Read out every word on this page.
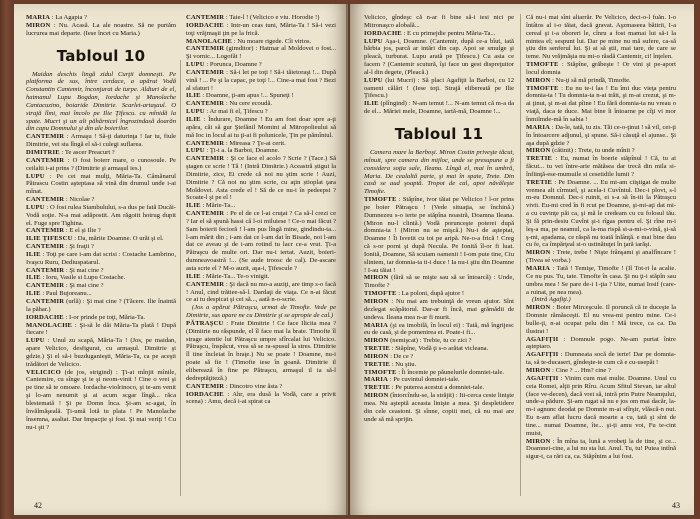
MARIA : La Agapia ?

MIRON : Nu. Acasă. La ale noastre. Să ne purtăm lucrurea mai departe. (Iese încet cu Maria.)

Tabloul 10

Maidan deschis lingă zidul Curţii domneşti. Pe platforma de sus, între cerdace, a apărut Vodă Constantin Cantemir, înconjurat de turpe. Aldturi de el, hatmanul Lupu Bogdan, Iordache şi Manolache Cantacuzino, boiaride Dimitrie. Scarlet-artaşaul. O strajă lîmi, mai încolo pe Ilie Ţifescu. cu mînidă la spate. Mucri şi un alt păhărnicel îngrozindasă doarăn din capu Domnului şi din ale boierilor.

CANTEMIR : Armaşu ! Să-ţi daturinţa ! Iar tu, fiule Dimitrie, vei sta lîngă el să-i culegi suflarea.

DIMITRIE : Te ascer Preacurt ?

CANTEMIR : O fost boierr mare, o cunosoule. Pe ceilalti i-ai prins ? (Dimitrie şi armaşul ies.)

LUPU : Pe cei mai mulţi, Măria-Ta. Câmănarul Pătrascu Costin aşteptasa să vină din drumul unde i-ai mînat.

CANTEMIR : Nicolae ?

LUPU : O fost rulea Stambulului, s-a dus pe fată Ducăi-Vodă soţie. N-a mai adăpostit. Am răgoitt hotrug dupit el. Fuge spre Tighina.

CANTEMIR : E el şi Ilie ?

ILIE ŢIFESCU : Da, mărite Doamne. O urăt şi el.

CANTEMIR : Şi fraţii ?

ILIE : Toţi pe care i-am dat scrisi : Costache Lambrino, Ivaşcu Ruru, Dediuspatarul.

CANTEMIR : Şi mai cine ?

ILIE : Ioru, Vasile si Lupu Costache.

CANTEMIR : Şi mai cine ?

ILIE : Paul Bujoreanu...

CANTEMIR (urlă) : Şi mai cine ? (Tăcere. Ilie înaintă la păhar.)

IORDACHE : I-or prinde pe toţi, Măria-Ta.

MANOLACHE : Şi-să le dăi Măria-Ta plată ! După fiecare !

LUPU : Unul zu scapă, Măria-Ta ! (Jos, pe maidan, apare Velicico, desfigurat, cu armaşul. Dimitrie şi gdzie.) Şi el să-i buzduganieşti, Măria-Ta, ca pe aceşti trădători de Velicico.

VELICICO (de jos, strigind) : Ţi-ai mînjit mînile, Cantemire, cu sînge şi ie şi neom-vinit ! Cine o vrei şi pe tine să te omoare. Iordache-violrinoco, şi te-am venit şi lo-am nenumit şi ai acum scgar lîngă... răca blestemată ! Şi pe Domn înca. Şi-am sc-agat, în învălmăşeală. Ţi-umă lotă tu plata ! Pe Manolache însemna, asaltat. Dar Impacţie şi fost. Şi mai veriţi ! Cu nu-i şti ?

CANTEMIR : Taie-l ! (Velicico e viu. Horodie !)

IORDACHE : Intr-un ceas tuni, Măria-Ta ! Să-i vezi toţi vrăjmaşii ţin pe la frică.

MANOLACHE : Nu moare rigede. Cîi virtos.

CANTEMIR (gimditor) : Hatmar al Moldovei o fost... Şi vornic... Logofăt !

LUPU : Porunca, Doamne ?

CANTEMIR : Să-i let pe toţi ! Să-i tăietoraşi !... După vină ! ... Pe şi la capac, pe toţi !... Cine-a mai fost ? Bezi al sfaturi !

ILIE : Doamne, ţi-am apus !... Spuneţi !

CANTEMIR : Nu cere ecoudă.

LUPU : Ar mai fi el, Ţifescu ?

ILIE : Îndurare, Doamne ! Eu am fost doar spre a-ţi apăra, căi să gur Ştefănil Momini al Mitropolieului să mă Ioc in locul ai tu ţi-ai fi polunicele, Ţin pe pămîntul.

CANTEMIR : Mireasa ? Ţe-ai cerit.

LUPU : Ţi-i a. la Barboi, Doamne.

CANTEMIR : Şi ce face el acolo ? Scrie ? (Tace.) Să ştagen ce scrie ! Tă ! (Intră Dimitrie.) Aceastră știgui la Dimitrie, zice, Ei crede că noi nu ştim scrie ! Auzi, Dimitrie ? Că noi nu ştim scrie, cu aţin știoplat ţara Moldovei. Asta crede el ! Să de ce nu-i în pedeepsi ? Scoate-l şi pe el !

ILIE : Mărie-Ta...

CANTEMIR : Pe el de ce l-ai cruţat ? Ca să-l crezi ce ? Iar el să spună hassi că l-oi miluiese ! Ce-o mai făcut ? Sam boierii fecioră ! l-am pus lîngă mine, gindindu-ta... l-am mărit din ; i-am dat ce l-am dat în Bisade, noi l-am dat ce aveau şi de i-am rotind tu lacr ce-a vrut. Ţi-a Pătraşcu de multe ori. Dar nu-i iertat. Auzit, boieri-dumneavoastră !... (Se aude troosc de cal). De-ascare asta scrie el ? M-o auzit, aşa-i, Ţifescule ?

ILIE : Mărie-Ta... Te-o vinigit.

CANTEMIR : Şi dacă nu mo-a auziţi, are timp s-o facă ! Anul, cind trătiee-să-l. Dardaţi de viaţa. Ce n-ai făcut ce ai tu despicat şi cei să..., aată n-o-scrie.

(Jos a apărut Pătraşcu, urmat de Timofte. Vede pe Dimitrie, sus apare ne cu Dimitrie şi se apropie de cal.)

PĂTRAŞCU : Frate Dimitrie ! Ce face Ilicita mea ? (Dimitrie nu răspunde, el îl face mai la brate. Timofte îl strage atentie lui Pătraşcu umpre sfîrcalat lui Velicico. Pătraşcu, înspăcut, vrea să se ra-spusul la stres. Dimitrie îl tine încleiat în braţe.) Nu se poate ! Doamne, nu-i poate să fie ! (Timofte iese în goană. Dimitrie il eliberează în fine pe Pătraşcu, armaşul il ia să-l dedreptăţiteză.)

CANTEMIR : Dincotro vine ăsta ?

IORDACHE : Ahr, era dusă la Vodă, care a privit scena) : Amu, decă i-ai spirat ca

42

Velicico, gîndeşc că n-ar fi bine să-i iesi nici pe Mitronaşco alobală...

IORDACHE : E cu primejdie pentru Măria-Ta...

LUPU Aşa-i, Doamne. (Cantemir, după ce-a bîut, iată bărbia jos, parcă ar intări din cap. Apoi se smulge şi pleacă, turburat. Lupu arată pe Ţifescu.) Cu asta ce facem ? (Cantemir scutură, îşi face un gest dispreţuitor al-l din degete, (Pleacă.)

LUPU (lui Mucri) : Să placi Agafiţii la Barboi, cu 12 oameni călări ! (Iese toţi. Strajă elibereată pe Ilie Ţifescu.)

ILIE (plîngind) : N-am temut !... N-am temut că m-a da de el... Măriei mele, Doamne, iartă-mă, Doamne !...

Tabloul 11

Camera mare la Berboşi. Miron Costin priveşte tăcut, mînuit, spre camera din mijloc, unde se presupune a fi considera soţia sale, Ileana. Lîngă el, mai în umbră, Maria. De cealaltă parte, şi mai în spate, Trete. Din casă se aud şoaptă. Tropot de cal, apoi năvăleşte Timofte.

TIMOFTE : Stăpîne, ivor tăiat pe Velicico ! l-or prins pe boier Pătraşcu ! (Vede situaţia, se închină.) Dumnezeu s-o ierte pe stăpîna noastră, Doamna Ileana. (Miron nu-l clintă.) Vodă porunceşte poterei după domnia-ta ! (Miron nu se mişcă.) Nu-i de aşteptat, Doamne ! Îi Isvetit cu toi pe aripă. Ne-o-a frică ! Creg că s-or porni şi după Necula. Pe Ionită îl-or fi luat. Ionită, Doamne, Să scuiam oamenii ! I-om pute tine, Ciu slintem, iar domnia-ta ti-i duce ! Ia nu-i ştiu din Doamne ! I-au tăiat !

MIRON (fără să se mişte sau să se întoarcă) : Unde, Timofte ?

TIMOFTE : La poloni, după ajutor !

MIRON : Nu mai am trebuinţă de vreun ajutor. Sînt dezlegat scăpătorul. Dar-ar fi încă, mai grămădii de undeva. Ileana mea n-ar fi murit.

MARIA (şi ea imobilă, în locul ei) : Tată, mă îngrijesc eu de casă, şi de pomenirea ei. Poate-i fi...

MIRON (nemişcat) : Trebie, tu ce zici ?

TRETIE : Stăpîne, Vodă ţi s-o arătat vicleana.

MIRON : De ce ?

TRETIE : Nu ştiu.

TIMOFTE : Îi încemie pe păunelurile domniei-tale.

MARIA : Pe cuvintul domniei-tale.

TRETIE : Pe puterea acestui a domniei-tale.

MIRON (întorcîndu-se, la străjit) : Iti-cerca ceste linişte mea. Nu aşteptă aceasta linişte a mea. Şi despletidere din cele ceastoni. Şi sînne, copiii mei, că nu mai are unde să mă sprijin.

Că nu-i mai sînt aliarrăr. Pe Velicico, deci-o-l fuăn. I-o întâtos al i-o tăiat, dacă gravat. Aşzmaseea bătirii, I-a cereal şi i-a oboreri le, cînru a fost mamai lui să-i la mintea el; sespunt lui. Dar pe mine nu mă sufere, ca-să ştiu din senferul lui. Şi ai să ştii, mai tare, de care se teme. Nu vrăjmăşia nu mi-o răsdă Cantemir, ci! înţelen.

TIMOFTE : Stăpîne, grăbeşte ! Or vini şi pe-aport locul domnia

MIRON : Nu-ţi să mă prindă, Timofte.

TIMOFTE : Eu nu te-i las ! Eu îmi duc vieţa pentru domnia-ta ! Tu domnia-ta n-ai trăit, şi m-ai crezut, şi m-ai ţinut, şi m-ai dat pîine ! Eu fără domnia-ta nu vreau o viaţă, daca te duce. Mai bine îi întoarne pe cîţi vi mor înmilmde-mă în sabia !

MARIA : Da-le, tată, tu zis. Tăi ce-o-ţinut ! să vil, cei-ţi în întoarcere adjunul, şi spune. Să-i căsuţă el ajunse.. Şi aşa după gdzie ?

MIRON (cătinit) : Trete, tu unde mînii ?

TRETIE : Eu, numai în boerie stăpînul ! Că, tu ai făcut... tu vei între-arie mătăsea dar trecă din mila si-înfiinţă-ese-mumuile si cesetidile lumii ?

TRETIE : Pe Doamne. ... Eu mi-am ciiştigat de multe vremea alt cîrmuel, şi acela-i Cuvîntul. Dec-i plovt, s-l m-eu Domnul. Dec-i ruinit, ei s-a să în-tii la Pătraşcu vivti. Eu-mi cred în fi rcut pe Doamne, şi-mi-aţi dat mi-a cu cuvinţe păi ca, şi mă le credeam cu cu folosul tău. Şi fă prin-desiu Cuvînt şi-i rîgas pentru el. Şi rîne m-i leş-a ma, pe neamul, ca la-ma rispă si-a-mi-o-vină, şi-să ş-mi, apadama, ce răspă nu toată înlânţă. e mai bine dau cu fe, ca împărţeal si-o ustinătuţei în ţară iarăşi.

MIRON : Trete, trebe ! Nişte frânşami şi analfîncare ! (Tivea sé vorba.)

MARIA : Tată ! Temişe, Timofte ! (Il Tot-ri la acalie. Ce nu pus. Tu, tate. Timofte în casa. Şi nu ţi-i stăpîn sau umbra mea ! Se pare de-i 1-ţia ? Uite, numai Iosif (care-a ruinat, pe nea mea).

(Intră Agafiţi.)

MIRON : Boier Mirceşcule. Il poruncă că te duceşte la Domnie rămăsceşti. El nu vrea-mi pentru mine. Ce-i bulle-ţi, n-ai ocupat pelu din ! Mă trece, ca ca. Da ilustrat !

AGAFIŢII : Domnule pogo. Ne-am purtat între aşteptaro.

AGAFIŢII : Dumneata socă de ierte! Dar pe domnia-ta, să te-ducaseri, gîndeşte-te cum că e cu-usepăt !

MIRON : Cine ? ... Hm? cine ?

AGAFIŢII : Vinim cum mai multe. Doamne. Unul cu ceia Romei, alţii prin Rîru. Acum Sfitul Stevan, iar altul (face ve-decen), dacă vrei să, intră prin Putre Neamţului, unde-a pădure. Şi-am rugat să nu e jos om mai dacăr, la-m-i agnunc deodat pe Domnie m-ai sfîrşir, vlăscă-n nut. Eu n-am aflat lucru dacă moarte a cu, tată şi sînt de tine... numai Doamne, îte... şi-ți amu voi, Fu te-cint muist,

MIRON : În mîna ta, lună a vrobeţi la de tine, şi ce... Doamnei-cine, a lui nu sta lui. Anul. Tu, tu! Putea intînă sigur-t, ca rări ca, ca. Stăpînim a lui fost.

43
